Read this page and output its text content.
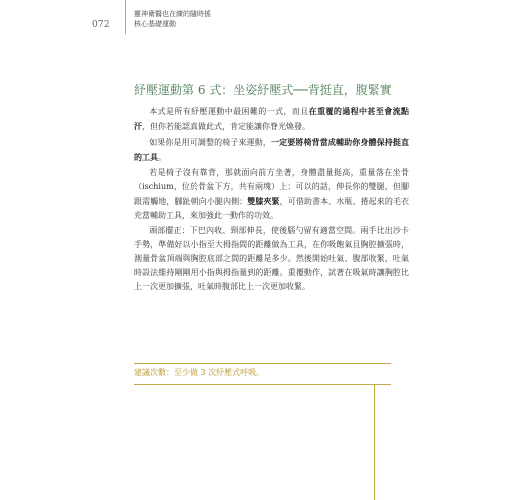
072
靈神衛醫也在練的隨時搖
核心基礎運動
紓壓運動第 6 式：坐姿紓壓式──背挺直，腹緊實

本式是所有紓壓運動中最困難的一式，而且在重覆的過程中甚至會流點汗，但你若能認真做此式，肯定能讓你脊光煥發。

如果你是用可調整的椅子來運動，一定要將椅背當成輔助你身體保持挺直的工具。

若是椅子沒有靠背，那就面向前方坐著，身體盡量挺高，重量落在坐骨（ischium，位於骨盆下方，共有兩塊）上：可以的話，伸長你的雙腿，但腳跟需觸地，腳趾朝向小腿內側：雙膝夾緊，可借助書本、水瓶、捲起來的毛衣充當輔助工具，來加強此一動作的功效。

頭部擺正：下巴內收、頸部伸長，使後腦勺留有適當空間。兩手比出沙卡手勢，準備好以小指至大拇指間的距離做為工具，在你吸飽氣且胸腔擴張時，測量骨盆頂端與胸腔底部之間的距離是多少。然後開始吐氣、腹部收緊，吐氣時設法維持剛剛用小指與拇指量到的距離。重覆動作，試著在吸氣時讓胸腔比上一次更加擴張，吐氣時腹部比上一次更加收緊。

建議次數：至少做 3 次紓壓式呼吸。
